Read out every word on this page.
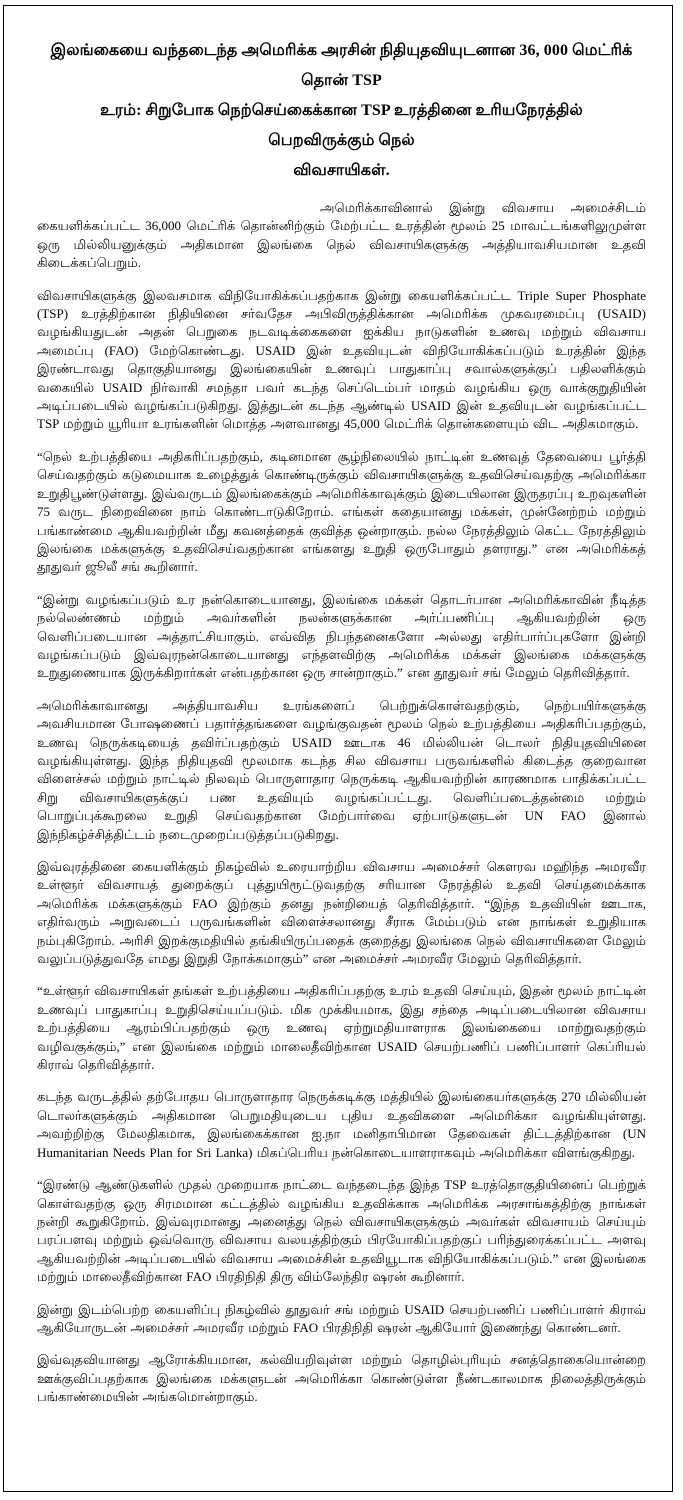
இலங்கையை வந்தடைந்த அமெரிக்க அரசின் நிதியுதவியுடனான 36, 000 மெட்ரிக் தொன் TSP
உரம்: சிறுபோக நெற்செய்கைக்கான TSP உரத்தினை உரியநேரத்தில் பெறவிருக்கும் நெல்
விவசாயிகள்.

அமெரிக்காவினால் இன்று விவசாய அமைச்சிடம் கையளிக்கப்பட்ட 36,000 மெட்ரிக் தொன்னிற்கும் மேற்பட்ட உரத்தின் மூலம் 25 மாவட்டங்களிலுமுள்ள ஒரு மில்லியனுக்கும் அதிகமான இலங்கை நெல் விவசாயிகளுக்கு அத்தியாவசியமான உதவி கிடைக்கப்பெறும்.

விவசாயிகளுக்கு இலவசமாக விநியோகிக்கப்பதற்காக இன்று கையளிக்கப்பட்ட Triple Super Phosphate (TSP) உரத்திற்கான நிதியினை சர்வதேச அபிவிருத்திக்கான அமெரிக்க முகவரமைப்பு (USAID) வழங்கியதுடன் அதன் பெறுகை நடவடிக்கைகளை ஐக்கிய நாடுகளின் உணவு மற்றும் விவசாய அமைப்பு (FAO) மேற்கொண்டது. USAID இன் உதவியுடன் விநியோகிக்கப்படும் உரத்தின் இந்த இரண்டாவது தொகுதியானது இலங்கையின் உணவுப் பாதுகாப்பு சவால்களுக்குப் பதிலளிக்கும் வகையில் USAID நிர்வாகி சமந்தா பவர் கடந்த செப்டெம்பர் மாதம் வழங்கிய ஒரு வாக்குறுதியின் அடிப்படையில் வழங்கப்படுகிறது. இத்துடன் கடந்த ஆண்டில் USAID இன் உதவியுடன் வழங்கப்பட்ட TSP மற்றும் யூரியா உரங்களின் மொத்த அளவானது 45,000 மெட்ரிக் தொன்களையும் விட அதிகமாகும்.

“நெல் உற்பத்தியை அதிகரிப்பதற்கும், கடினமான சூழ்நிலையில் நாட்டின் உணவுத் தேவையை பூர்த்தி செய்வதற்கும் கடுமையாக உழைத்துக் கொண்டிருக்கும் விவசாயிகளுக்கு உதவிசெய்வதற்கு அமெரிக்கா உறுதிபூண்டுள்ளது. இவ்வருடம் இலங்கைக்கும் அமெரிக்காவுக்கும் இடையிலான இருதரப்பு உறவுகளின் 75 வருட நிறைவினை நாம் கொண்டாடுகிறோம். எங்கள் கதையானது மக்கள், முன்னேற்றம் மற்றும் பங்காண்மை ஆகியவற்றின் மீது கவனத்தைக் குவித்த ஒன்றாகும். நல்ல நேரத்திலும் கெட்ட நேரத்திலும் இலங்கை மக்களுக்கு உதவிசெய்வதற்கான எங்களது உறுதி ஒருபோதும் தளராது.” என அமெரிக்கத் தூதுவர் ஜூலீ சங் கூறினார்.

“இன்று வழங்கப்படும் உர நன்கொடையானது, இலங்கை மக்கள் தொடர்பான அமெரிக்காவின் நீடித்த நல்லெண்ணம் மற்றும் அவர்களின் நலன்களுக்கான அர்ப்பணிப்பு ஆகியவற்றின் ஒரு வெளிப்படையான அத்தாட்சியாகும். எவ்வித நிபந்தனைகளோ அல்லது எதிர்பார்ப்புகளோ இன்றி வழங்கப்படும் இவ்வுரநன்கொடையானது எந்தளவிற்கு அமெரிக்க மக்கள் இலங்கை மக்களுக்கு உறுதுணையாக இருக்கிறார்கள் என்பதற்கான ஒரு சான்றாகும்.” என தூதுவர் சங் மேலும் தெரிவித்தார்.

அமெரிக்காவானது அத்தியாவசிய உரங்களைப் பெற்றுக்கொள்வதற்கும், நெற்பயிர்களுக்கு அவசியமான போஷணைப் பதார்த்தங்களை வழங்குவதன் மூலம் நெல் உற்பத்தியை அதிகரிப்பதற்கும், உணவு நெருக்கடியைத் தவிர்ப்பதற்கும் USAID ஊடாக 46 மில்லியன் டொலர் நிதியுதவியினை வழங்கியுள்ளது. இந்த நிதியுதவி மூலமாக கடந்த சில விவசாய பருவங்களில் கிடைத்த குறைவான விளைச்சல் மற்றும் நாட்டில் நிலவும் பொருளாதார நெருக்கடி ஆகியவற்றின் காரணமாக பாதிக்கப்பட்ட சிறு விவசாயிகளுக்குப் பண உதவியும் வழங்கப்பட்டது. வெளிப்படைத்தன்மை மற்றும் பொறுப்புக்கூறலை உறுதி செய்வதற்கான மேற்பார்வை ஏற்பாடுகளுடன் UN FAO இனால் இந்நிகழ்ச்சித்திட்டம் நடைமுறைப்படுத்தப்படுகிறது.

இவ்வுரத்தினை கையளிக்கும் நிகழ்வில் உரையாற்றிய விவசாய அமைச்சர் கௌரவ மஹிந்த அமரவீர உள்ளூர் விவசாயத் துறைக்குப் புத்துயிரூட்டுவதற்கு சரியான நேரத்தில் உதவி செய்தமைக்காக அமெரிக்க மக்களுக்கும் FAO இற்கும் தனது நன்றியைத் தெரிவித்தார். “இந்த உதவியின் ஊடாக, எதிர்வரும் அறுவடைப் பருவங்களின் விளைச்சலானது சீராக மேம்படும் என நாங்கள் உறுதியாக நம்புகிறோம். அரிசி இறக்குமதியில் தங்கியிருப்பதைக் குறைத்து இலங்கை நெல் விவசாயிகளை மேலும் வலுப்படுத்துவதே எமது இறுதி நோக்கமாகும்” என அமைச்சர் அமரவீர மேலும் தெரிவித்தார்.

“உள்ளூர் விவசாயிகள் தங்கள் உற்பத்தியை அதிகரிப்பதற்கு உரம் உதவி செய்யும், இதன் மூலம் நாட்டின் உணவுப் பாதுகாப்பு உறுதிசெய்யப்படும். மிக முக்கியமாக, இது சந்தை அடிப்படையிலான விவசாய உற்பத்தியை ஆரம்பிப்பதற்கும் ஒரு உணவு ஏற்றுமதியாளராக இலங்கையை மாற்றுவதற்கும் வழிவகுக்கும்,” என இலங்கை மற்றும் மாலைதீவிற்கான USAID செயற்பணிப் பணிப்பாளர் கெப்ரியல் கிராவ் தெரிவித்தார்.

கடந்த வருடத்தில் தற்போதய பொருளாதார நெருக்கடிக்கு மத்தியில் இலங்கையர்களுக்கு 270 மில்லியன் டொலர்களுக்கும் அதிகமான பெறுமதியுடைய புதிய உதவிகளை அமெரிக்கா வழங்கியுள்ளது. அவற்றிற்கு மேலதிகமாக, இலங்கைக்கான ஐ.நா மனிதாபிமான தேவைகள் திட்டத்திற்கான (UN Humanitarian Needs Plan for Sri Lanka) மிகப்பெரிய நன்கொடையாளராகவும் அமெரிக்கா விளங்குகிறது.

“இரண்டு ஆண்டுகளில் முதல் முறையாக நாட்டை வந்தடைந்த இந்த TSP உரத்தொகுதியினைப் பெற்றுக் கொள்வதற்கு ஒரு சிரமமான கட்டத்தில் வழங்கிய உதவிக்காக அமெரிக்க அரசாங்கத்திற்கு நாங்கள் நன்றி கூறுகிறோம். இவ்வுரமானது அனைத்து நெல் விவசாயிகளுக்கும் அவர்கள் விவசாயம் செய்யும் பரப்பளவு மற்றும் ஒவ்வொரு விவசாய வலயத்திற்கும் பிரயோகிப்பதற்குப் பரிந்துரைக்கப்பட்ட அளவு ஆகியவற்றின் அடிப்படையில் விவசாய அமைச்சின் உதவியூடாக விநியோகிக்கப்படும்.” என இலங்கை மற்றும் மாலைதீவிற்கான FAO பிரதிநிதி திரு விம்லேந்திர ஷரன் கூறினார்.

இன்று இடம்பெற்ற கையளிப்பு நிகழ்வில் தூதுவர் சங் மற்றும் USAID செயற்பணிப் பணிப்பாளர் கிராவ் ஆகியோருடன் அமைச்சர் அமரவீர மற்றும் FAO பிரதிநிதி ஷரன் ஆகியோர் இணைந்து கொண்டனர்.

இவ்வுதவியானது ஆரோக்கியமான, கல்வியறிவுள்ள மற்றும் தொழில்புரியும் சனத்தொகையொன்றை ஊக்குவிப்பதற்காக இலங்கை மக்களுடன் அமெரிக்கா கொண்டுள்ள நீண்டகாலமாக நிலைத்திருக்கும் பங்காண்மையின் அங்கமொன்றாகும்.
